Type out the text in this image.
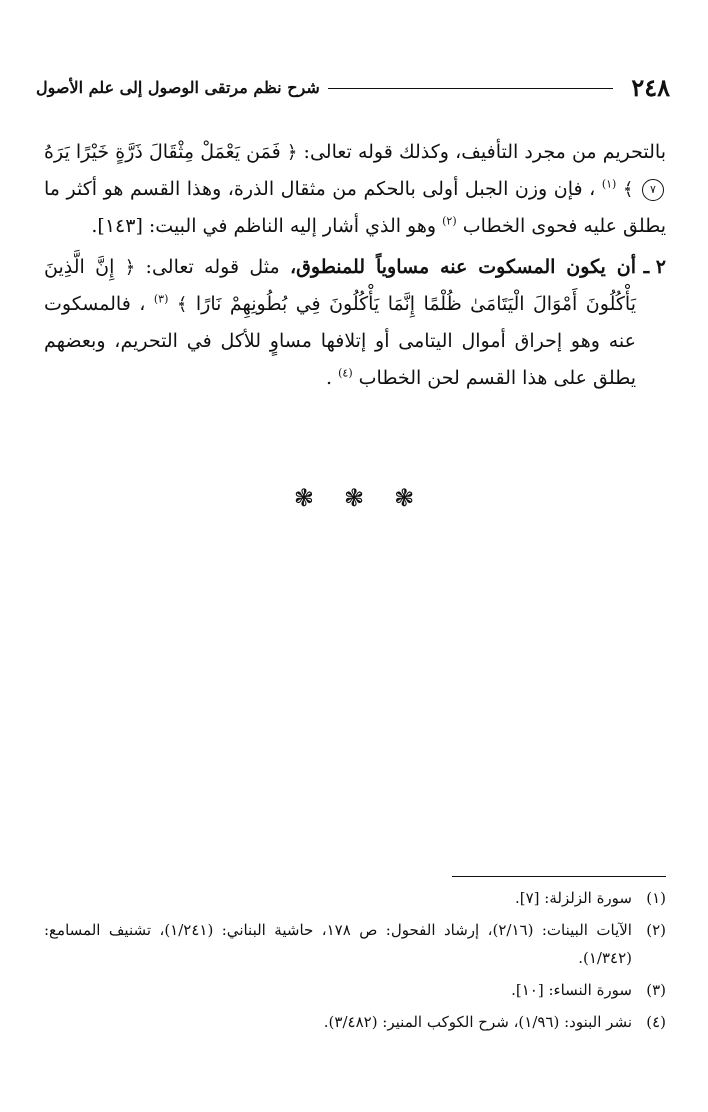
٢٤٨
شرح نظم مرتقى الوصول إلى علم الأصول

بالتحريم من مجرد التأفيف، وكذلك قوله تعالى: ﴿ فَمَن يَعْمَلْ مِثْقَالَ ذَرَّةٍ خَيْرًا يَرَهُ ٧ ﴾ $^{(١)}$ ، فإن وزن الجبل أولى بالحكم من مثقال الذرة، وهذا القسم هو أكثر ما يطلق عليه فحوى الخطاب $^{(٢)}$ وهو الذي أشار إليه الناظم في البيت: [١٤٣].

٢ ـ
أن يكون المسكوت عنه مساوياً للمنطوق، مثل قوله تعالى: ﴿ إِنَّ الَّذِينَ يَأْكُلُونَ أَمْوَالَ الْيَتَامَىٰ ظُلْمًا إِنَّمَا يَأْكُلُونَ فِي بُطُونِهِمْ نَارًا ﴾ $^{(٣)}$ ، فالمسكوت عنه وهو إحراق أموال اليتامى أو إتلافها مساوٍ للأكل في التحريم، وبعضهم يطلق على هذا القسم لحن الخطاب $^{(٤)}$ .
❃
❃
❃
(١)
سورة الزلزلة: [٧].
(٢)
الآيات البينات: (٢/١٦)، إرشاد الفحول: ص ١٧٨، حاشية البناني: (١/٢٤١)، تشنيف المسامع: (١/٣٤٢).
(٣)
سورة النساء: [١٠].
(٤)
نشر البنود: (١/٩٦)، شرح الكوكب المنير: (٣/٤٨٢).
